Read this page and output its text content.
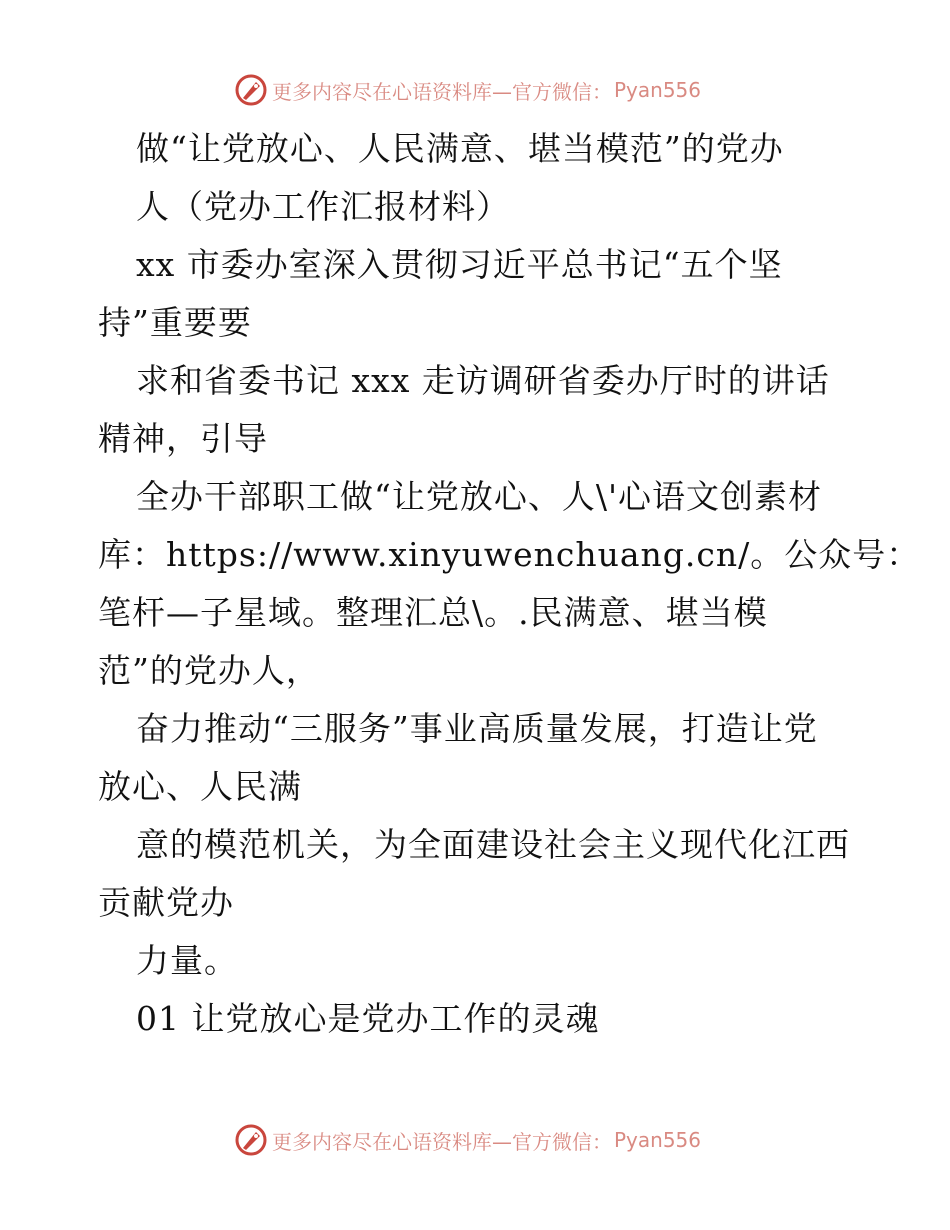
更多内容尽在心语资料库—官方微信： Pyan556
做“让党放心、人民满意、堪当模范”的党办
人（党办工作汇报材料）
xx 市委办室深入贯彻习近平总书记“五个坚
持”重要要
求和省委书记 xxx 走访调研省委办厅时的讲话
精神，引导
全办干部职工做“让党放心、人\'心语文创素材
库：https://www.xinyuwenchuang.cn/。公众号：
笔杆—子星域。整理汇总\。.民满意、堪当模
范”的党办人，
奋力推动“三服务”事业高质量发展，打造让党
放心、人民满
意的模范机关，为全面建设社会主义现代化江西
贡献党办
力量。
01 让党放心是党办工作的灵魂
更多内容尽在心语资料库—官方微信： Pyan556
